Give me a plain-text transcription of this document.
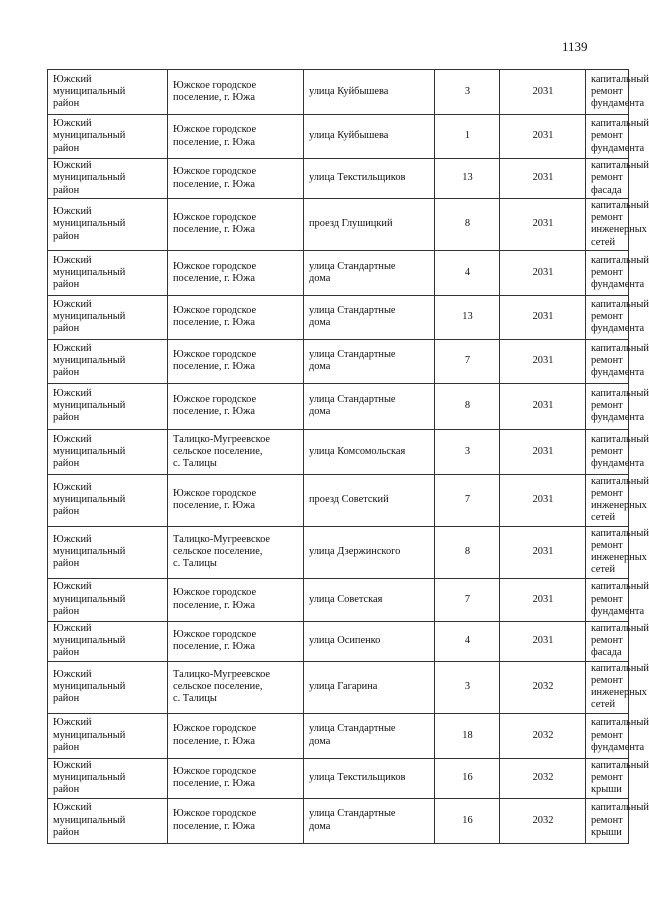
1139
Южский
муниципальный
район	Южское городское
поселение, г. Южа	улица Куйбышева	3	2031	капитальный
ремонт
фундамента
Южский
муниципальный
район	Южское городское
поселение, г. Южа	улица Куйбышева	1	2031	капитальный
ремонт
фундамента
Южский
муниципальный
район	Южское городское
поселение, г. Южа	улица Текстильщиков	13	2031	капитальный
ремонт фасада
Южский
муниципальный
район	Южское городское
поселение, г. Южа	проезд Глушицкий	8	2031	капитальный
ремонт
инженерных
сетей
Южский
муниципальный
район	Южское городское
поселение, г. Южа	улица Стандартные
дома	4	2031	капитальный
ремонт
фундамента
Южский
муниципальный
район	Южское городское
поселение, г. Южа	улица Стандартные
дома	13	2031	капитальный
ремонт
фундамента
Южский
муниципальный
район	Южское городское
поселение, г. Южа	улица Стандартные
дома	7	2031	капитальный
ремонт
фундамента
Южский
муниципальный
район	Южское городское
поселение, г. Южа	улица Стандартные
дома	8	2031	капитальный
ремонт
фундамента
Южский
муниципальный
район	Талицко-Мугреевское
сельское поселение,
с. Талицы	улица Комсомольская	3	2031	капитальный
ремонт
фундамента
Южский
муниципальный
район	Южское городское
поселение, г. Южа	проезд Советский	7	2031	капитальный
ремонт
инженерных
сетей
Южский
муниципальный
район	Талицко-Мугреевское
сельское поселение,
с. Талицы	улица Дзержинского	8	2031	капитальный
ремонт
инженерных
сетей
Южский
муниципальный
район	Южское городское
поселение, г. Южа	улица Советская	7	2031	капитальный
ремонт
фундамента
Южский
муниципальный
район	Южское городское
поселение, г. Южа	улица Осипенко	4	2031	капитальный
ремонт фасада
Южский
муниципальный
район	Талицко-Мугреевское
сельское поселение,
с. Талицы	улица Гагарина	3	2032	капитальный
ремонт
инженерных
сетей
Южский
муниципальный
район	Южское городское
поселение, г. Южа	улица Стандартные
дома	18	2032	капитальный
ремонт
фундамента
Южский
муниципальный
район	Южское городское
поселение, г. Южа	улица Текстильщиков	16	2032	капитальный
ремонт крыши
Южский
муниципальный
район	Южское городское
поселение, г. Южа	улица Стандартные
дома	16	2032	капитальный
ремонт крыши
